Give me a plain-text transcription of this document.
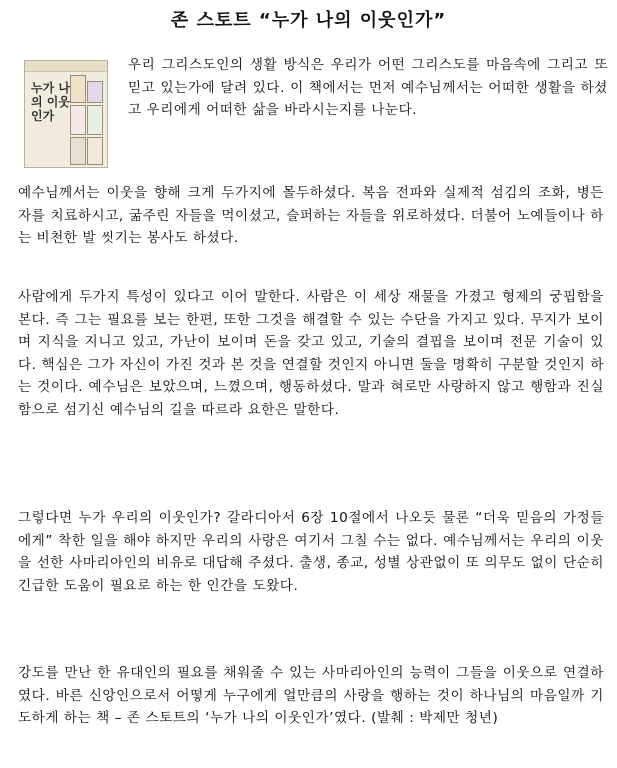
존 스토트 “누가 나의 이웃인가”
누가 나의 이웃인가
우리 그리스도인의 생활 방식은 우리가 어떤 그리스도를 마음속에 그리고 또 믿고 있는가에 달려 있다. 이 책에서는 먼저 예수님께서는 어떠한 생활을 하셨고 우리에게 어떠한 삶을 바라시는지를 나눈다.
예수님께서는 이웃을 향해 크게 두가지에 몰두하셨다. 복음 전파와 실제적 섬김의 조화, 병든 자를 치료하시고, 굶주린 자들을 먹이셨고, 슬퍼하는 자들을 위로하셨다. 더불어 노예들이나 하는 비천한 발 씻기는 봉사도 하셨다.
사람에게 두가지 특성이 있다고 이어 말한다. 사람은 이 세상 재물을 가졌고 형제의 궁핍함을 본다. 즉 그는 필요를 보는 한편, 또한 그것을 해결할 수 있는 수단을 가지고 있다. 무지가 보이며 지식을 지니고 있고, 가난이 보이며 돈을 갖고 있고, 기술의 결핍을 보이며 전문 기술이 있다. 핵심은 그가 자신이 가진 것과 본 것을 연결할 것인지 아니면 둘을 명확히 구분할 것인지 하는 것이다. 예수님은 보았으며, 느꼈으며, 행동하셨다. 말과 혀로만 사랑하지 않고 행함과 진실함으로 섬기신 예수님의 길을 따르라 요한은 말한다.
그렇다면 누가 우리의 이웃인가? 갈라디아서 6장 10절에서 나오듯 물론 “더욱 믿음의 가정들에게” 착한 일을 해야 하지만 우리의 사랑은 여기서 그칠 수는 없다. 예수님께서는 우리의 이웃을 선한 사마리아인의 비유로 대답해 주셨다. 출생, 종교, 성별 상관없이 또 의무도 없이 단순히 긴급한 도움이 필요로 하는 한 인간을 도왔다.
강도를 만난 한 유대인의 필요를 채워줄 수 있는 사마리아인의 능력이 그들을 이웃으로 연결하였다. 바른 신앙인으로서 어떻게 누구에게 얼만큼의 사랑을 행하는 것이 하나님의 마음일까 기도하게 하는 책 – 존 스토트의 ‘누가 나의 이웃인가’였다. (발췌 : 박제만 청년)
